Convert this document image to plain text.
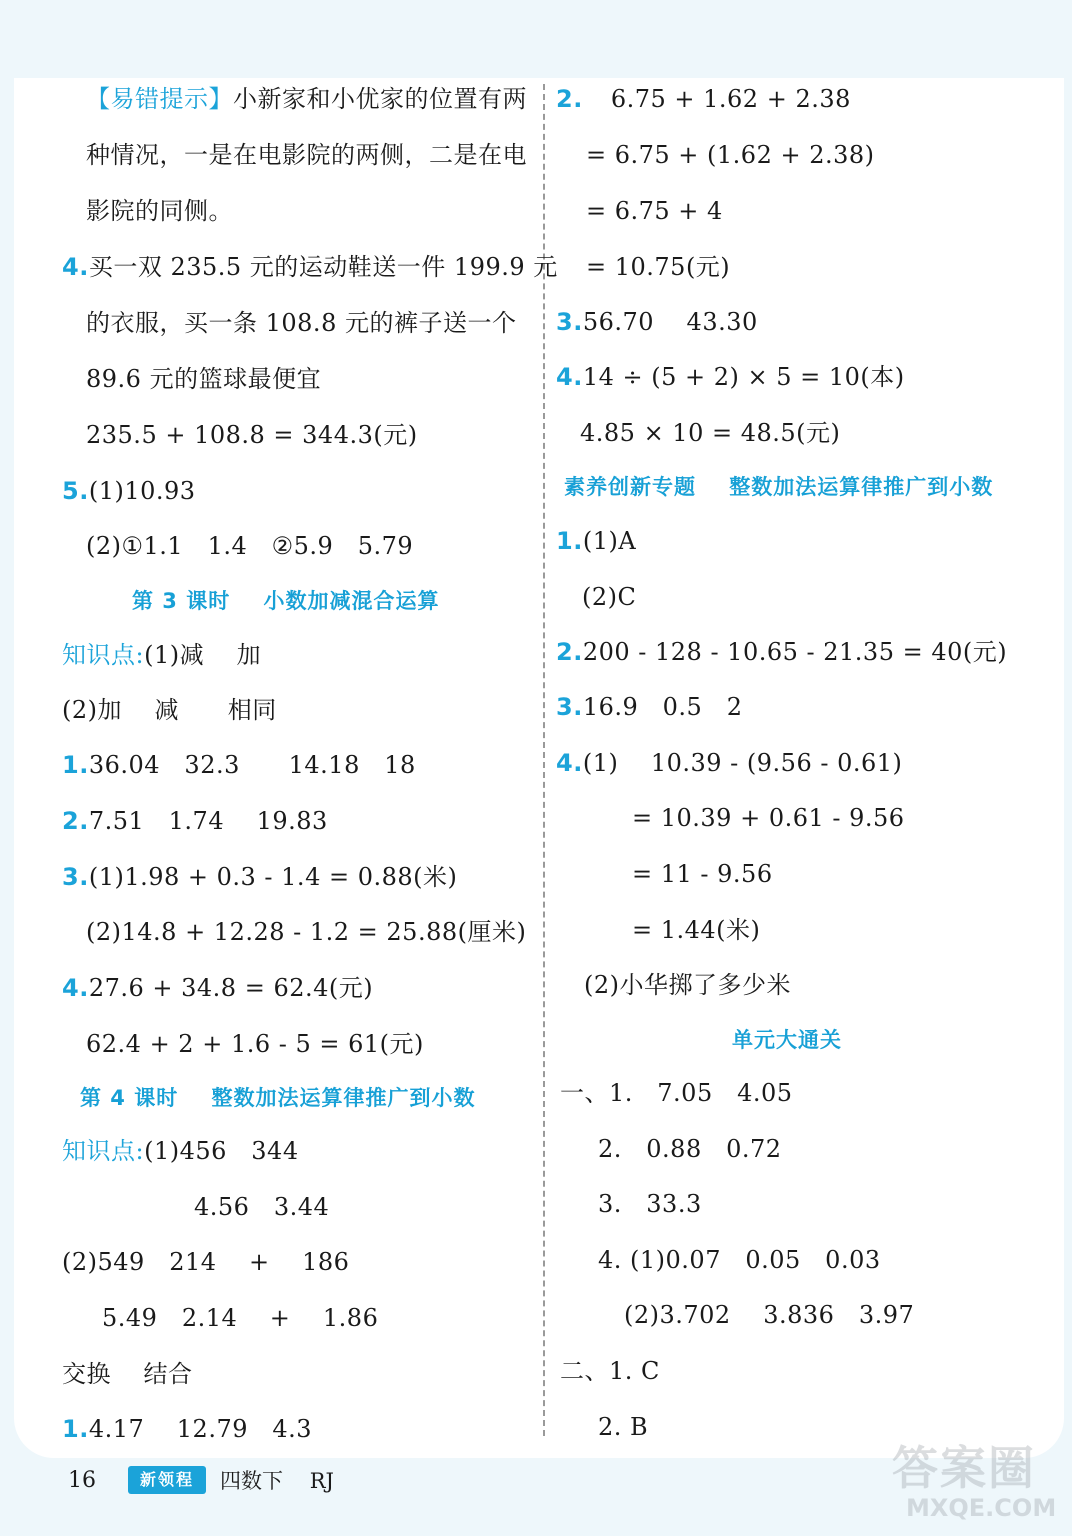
【易错提示】小新家和小优家的位置有两
种情况，一是在电影院的两侧，二是在电
影院的同侧。
4.买一双 235.5 元的运动鞋送一件 199.9 元
的衣服，买一条 108.8 元的裤子送一个
89.6 元的篮球最便宜
235.5 + 108.8 = 344.3(元)
5.(1)10.93
(2)①1.1   1.4   ②5.9   5.79
第 3 课时    小数加减混合运算
知识点:(1)减    加
(2)加    减      相同
1.36.04   32.3      14.18   18
2.7.51   1.74    19.83
3.(1)1.98 + 0.3 - 1.4 = 0.88(米)
(2)14.8 + 12.28 - 1.2 = 25.88(厘米)
4.27.6 + 34.8 = 62.4(元)
62.4 + 2 + 1.6 - 5 = 61(元)
第 4 课时    整数加法运算律推广到小数
知识点:(1)456   344
4.56   3.44
(2)549   214    +    186
5.49   2.14    +    1.86
交换    结合
1.4.17    12.79   4.3
2. 6.75 + 1.62 + 2.38
= 6.75 + (1.62 + 2.38)
= 6.75 + 4
= 10.75(元)
3.56.70    43.30
4.14 ÷ (5 + 2) × 5 = 10(本)
4.85 × 10 = 48.5(元)
素养创新专题    整数加法运算律推广到小数
1.(1)A
(2)C
2.200 - 128 - 10.65 - 21.35 = 40(元)
3.16.9   0.5   2
4.(1)    10.39 - (9.56 - 0.61)
= 10.39 + 0.61 - 9.56
= 11 - 9.56
= 1.44(米)
(2)小华掷了多少米
单元大通关
一、1.   7.05   4.05
2.   0.88   0.72
3.   33.3
4. (1)0.07   0.05   0.03
(2)3.702    3.836   3.97
二、1. C
2. B
16	新领程	四数下    RJ	答案圈
MXQE.COM
